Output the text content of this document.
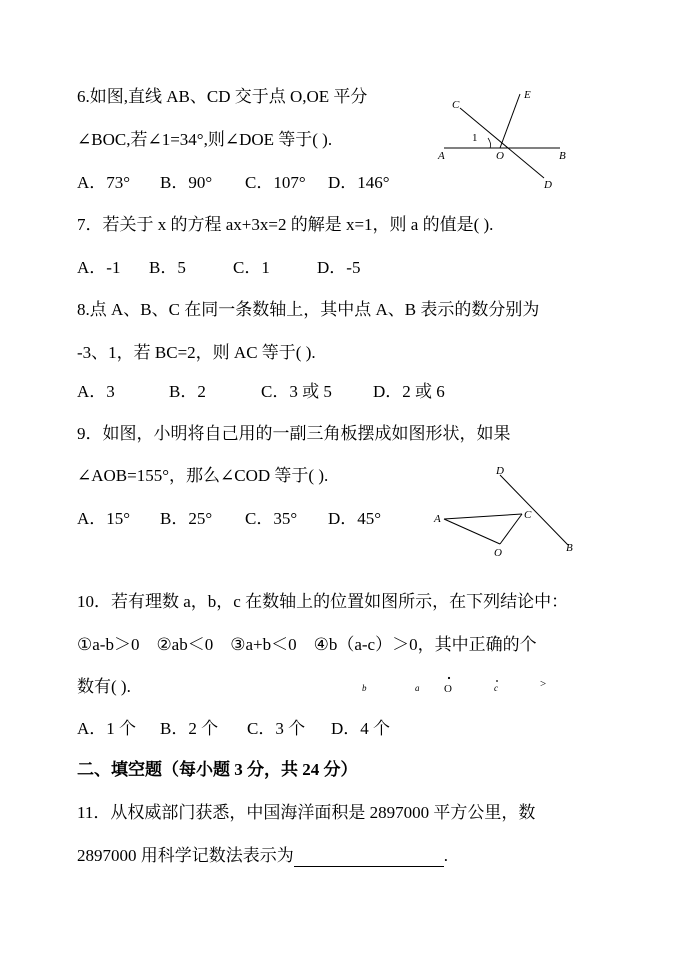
6.如图,直线 AB、CD 交于点 O,OE 平分
∠BOC,若∠1=34°,则∠DOE 等于( ).
A．73° B．90° C．107° D．146°
C
E
1
A	O	B
D
7．若关于 x 的方程 ax+3x=2 的解是 x=1，则 a 的值是( ).
A．-1 B．5	C．1	D．-5
8.点 A、B、C 在同一条数轴上，其中点 A、B 表示的数分别为
-3、1，若 BC=2，则 AC 等于( ).
A．3	B．2	C．3 或 5 D．2 或 6
9．如图，小明将自己用的一副三角板摆成如图形状，如果
∠AOB=155°，那么∠COD 等于( ).
A．15° B．25° C．35° D．45°
D
A	C
O	B
10．若有理数 a，b，c 在数轴上的位置如图所示，在下列结论中：
①a-b＞0　②ab＜0　③a+b＜0　④b（a-c）＞0，其中正确的个
数有( ).	b	a O	c	>
A．1 个 B．2 个 C．3 个 D．4 个
二、填空题（每小题 3 分，共 24 分）
11．从权威部门获悉，中国海洋面积是 2897000 平方公里，数
2897000 用科学记数法表示为	.
